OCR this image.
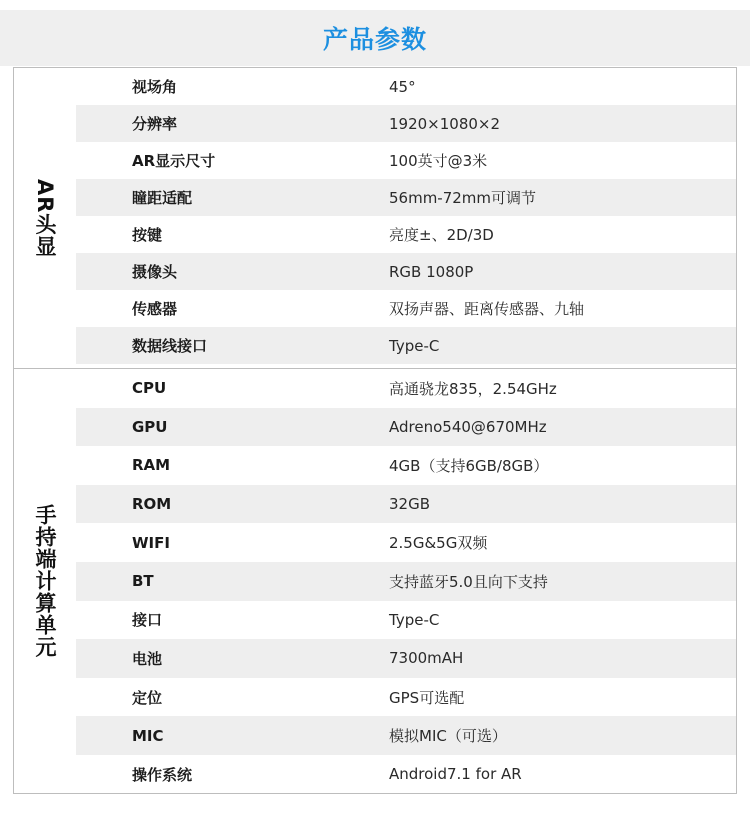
产品参数
AR头显
视场角	45°
分辨率	1920×1080×2
AR显示尺寸	100英寸@3米
瞳距适配	56mm-72mm可调节
按键	亮度±、2D/3D
摄像头	RGB 1080P
传感器	双扬声器、距离传感器、九轴
数据线接口	Type-C
手持端计算单元
CPU	高通骁龙835，2.54GHz
GPU	Adreno540@670MHz
RAM	4GB（支持6GB/8GB）
ROM	32GB
WIFI	2.5G&5G双频
BT	支持蓝牙5.0且向下支持
接口	Type-C
电池	7300mAH
定位	GPS可选配
MIC	模拟MIC（可选）
操作系统	Android7.1 for AR
